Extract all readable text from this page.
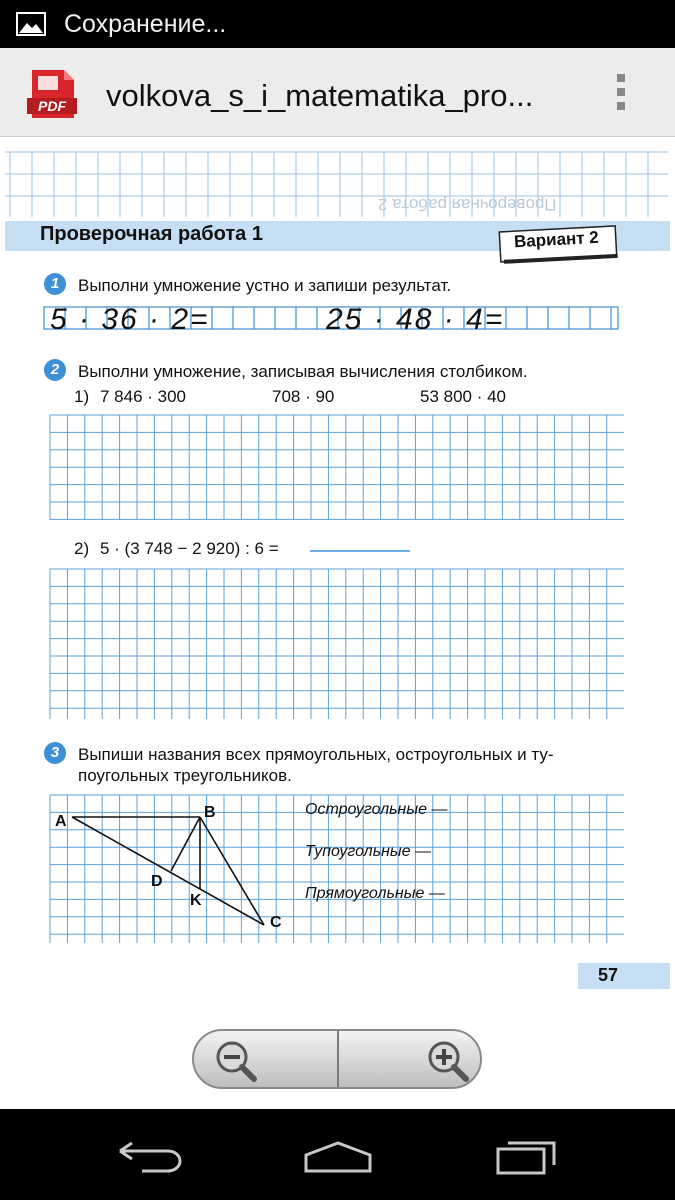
Сохранение...
PDF volkova_s_i_matematika_pro...
Проверочная работа 2
Проверочная работа 1	Вариант 2
1	Выполни умножение устно и запиши результат.
5 · 36 · 2=	25 · 48 · 4=
2	Выполни умножение, записывая вычисления столбиком.
1) 7 846 · 300	708 · 90	53 800 · 40
2) 5 · (3 748 − 2 920) : 6 =
3	Выпиши названия всех прямоугольных, остроугольных и ту-
поугольных треугольников.
A
B
C
D
K
Остроугольные —
Тупоугольные —
Прямоугольные —
57
